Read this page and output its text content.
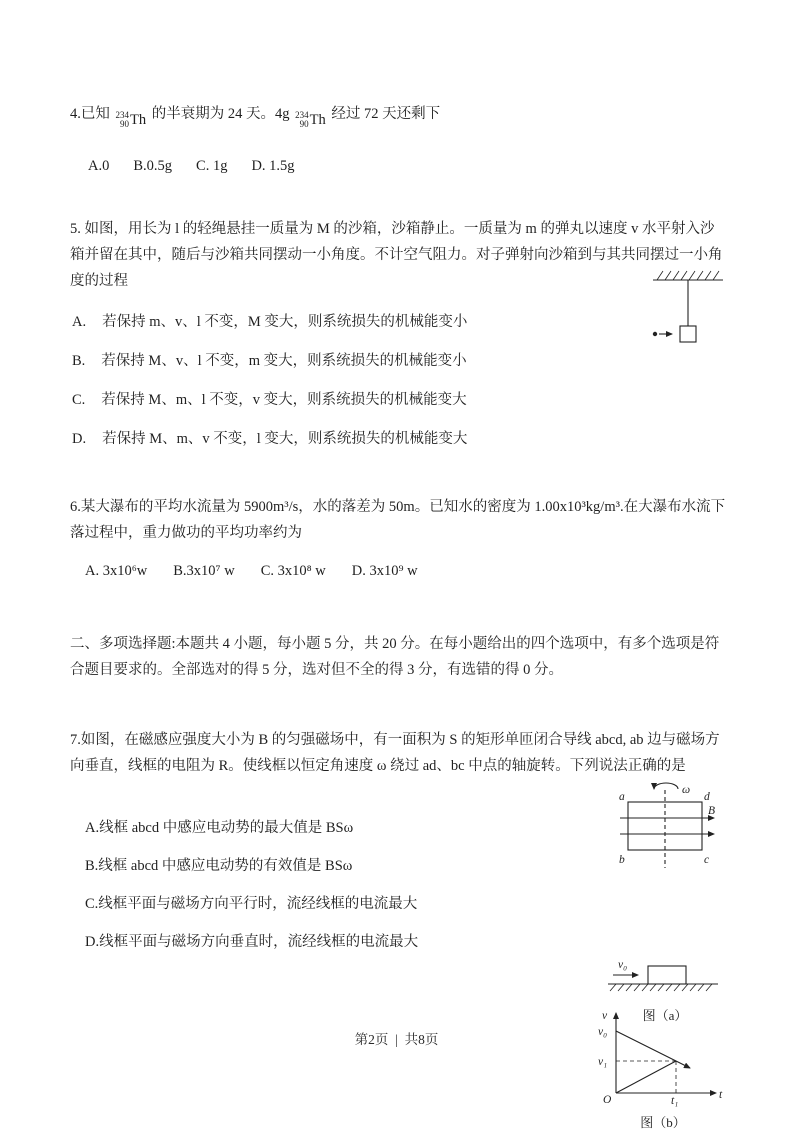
4.已知 234
90 Th 的半衰期为 24 天。4g 234
90 Th 经过 72 天还剩下
A.0 B.0.5g C. 1g D. 1.5g
5. 如图，用长为 l 的轻绳悬挂一质量为 M 的沙箱，沙箱静止。一质量为 m 的弹丸以速度 v 水平射入沙箱并留在其中，随后与沙箱共同摆动一小角度。不计空气阻力。对子弹射向沙箱到与其共同摆过一小角度的过程
A. 若保持 m、v、l 不变，M 变大，则系统损失的机械能变小
B. 若保持 M、v、l 不变，m 变大，则系统损失的机械能变小
C. 若保持 M、m、l 不变，v 变大，则系统损失的机械能变大
D. 若保持 M、m、v 不变，l 变大，则系统损失的机械能变大
6.某大瀑布的平均水流量为 5900m³/s，水的落差为 50m。已知水的密度为 1.00x10³kg/m³.在大瀑布水流下落过程中，重力做功的平均功率约为
A. 3x10⁶w B.3x10⁷ w C. 3x10⁸ w D. 3x10⁹ w
二、多项选择题:本题共 4 小题，每小题 5 分，共 20 分。在每小题给出的四个选项中，有多个选项是符合题目要求的。全部选对的得 5 分，选对但不全的得 3 分，有选错的得 0 分。
7.如图，在磁感应强度大小为 B 的匀强磁场中，有一面积为 S 的矩形单匝闭合导线 abcd, ab 边与磁场方向垂直，线框的电阻为 R。使线框以恒定角速度 ω 绕过 ad、bc 中点的轴旋转。下列说法正确的是
A.线框 abcd 中感应电动势的最大值是 BSω
B.线框 abcd 中感应电动势的有效值是 BSω
C.线框平面与磁场方向平行时，流经线框的电流最大
D.线框平面与磁场方向垂直时，流经线框的电流最大
ω
B
a	d
b	c
v₀
图（a）
v
t
O
v₀
v₁
t₁
图（b）
第2页  |  共8页
